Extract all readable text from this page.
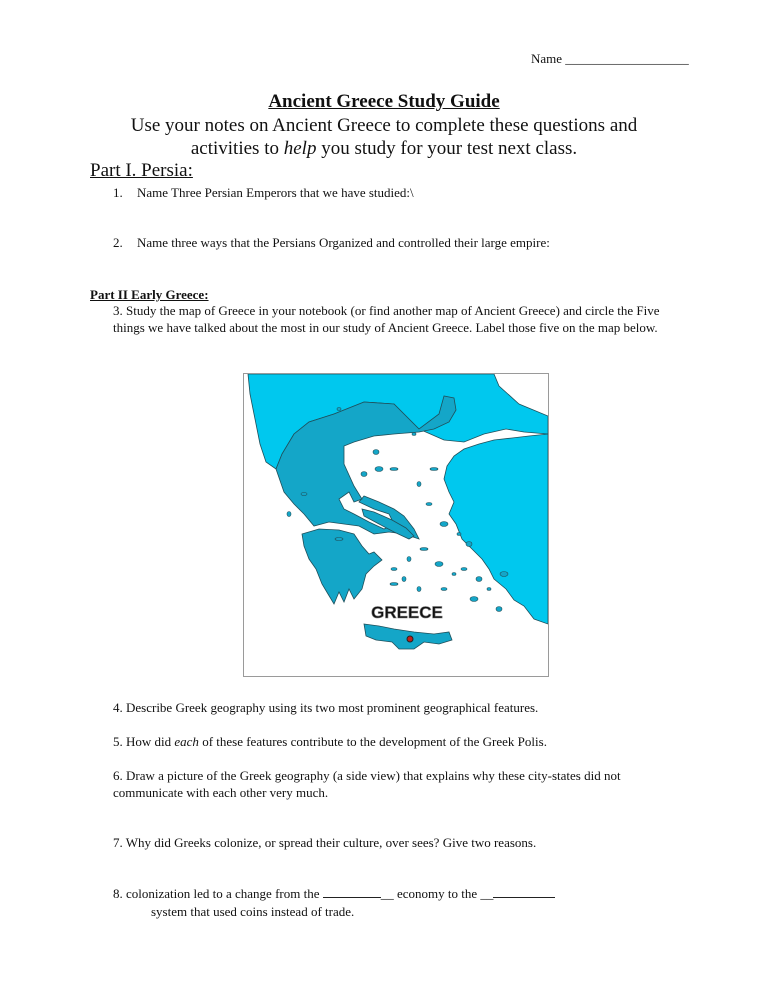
Name ___________________
Ancient Greece Study Guide
Use your notes on Ancient Greece to complete these questions and
activities to help you study for your test next class.
Part I. Persia:
1. Name Three Persian Emperors that we have studied:\
2. Name three ways that the Persians Organized and controlled their large empire:
Part II Early Greece:
3. Study the map of Greece in your notebook (or find another map of Ancient Greece) and circle the Five things we have talked about the most in our study of Ancient Greece. Label those five on the map below.
GREECE
4. Describe Greek geography using its two most prominent geographical features.
5. How did each of these features contribute to the development of the Greek Polis.
6. Draw a picture of the Greek geography (a side view) that explains why these city-states did not communicate with each other very much.
7. Why did Greeks colonize, or spread their culture, over sees? Give two reasons.
8. colonization led to a change from the	__ economy to the __
system that used coins instead of trade.
